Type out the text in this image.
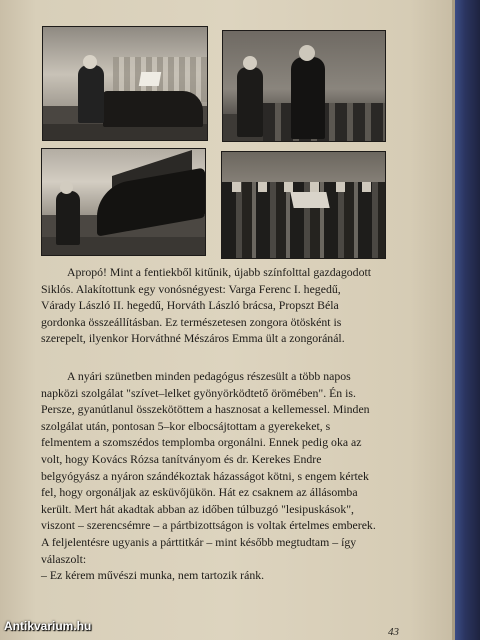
Apropó! Mint a fentiekből kitűnik, újabb színfolttal gazdagodott
Siklós. Alakítottunk egy vonósnégyest: Varga Ferenc I. hegedű,
Várady László II. hegedű, Horváth László brácsa, Propszt Béla
gordonka összeállításban. Ez természetesen zongora ötösként is
szerepelt, ilyenkor Horváthné Mészáros Emma ült a zongoránál.
A nyári szünetben minden pedagógus részesült a több napos
napközi szolgálat "szívet–lelket gyönyörködtető örömében". Én is.
Persze, gyanútlanul összekötöttem a hasznosat a kellemessel. Minden
szolgálat után, pontosan 5–kor elbocsájtottam a gyerekeket, s
felmentem a szomszédos templomba orgonálni. Ennek pedig oka az
volt, hogy Kovács Rózsa tanítványom és dr. Kerekes Endre
belgyógyász a nyáron szándékoztak házasságot kötni, s engem kértek
fel, hogy orgonáljak az esküvőjükön. Hát ez csaknem az állásomba
került. Mert hát akadtak abban az időben túlbuzgó "lesipuskások",
viszont – szerencsémre – a pártbizottságon is voltak értelmes emberek.
A feljelentésre ugyanis a párttitkár – mint később megtudtam – így
válaszolt:
– Ez kérem művészi munka, nem tartozik ránk.
43
Antikvarium.hu
